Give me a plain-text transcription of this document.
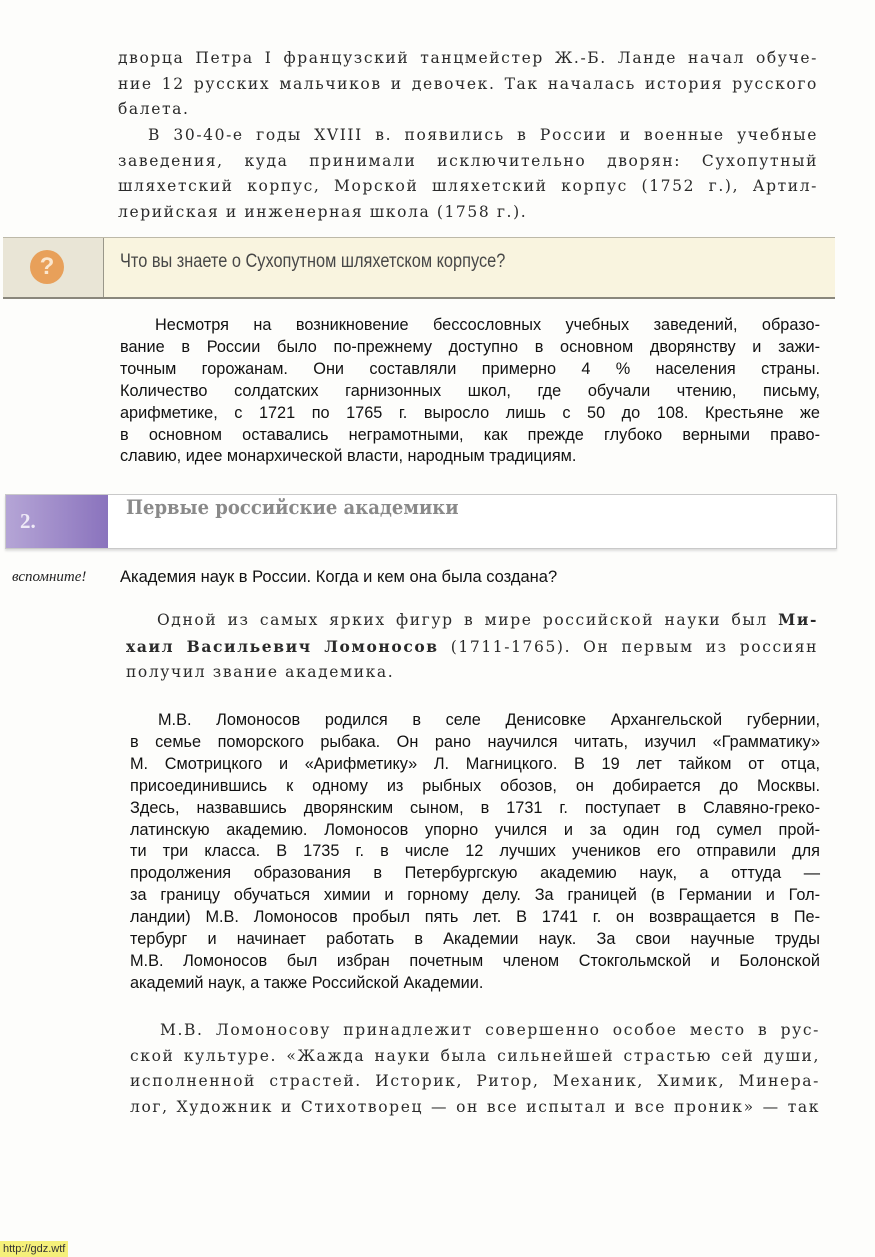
дворца Петра I французский танцмейстер Ж.-Б. Ланде начал обуче-
ние 12 русских мальчиков и девочек. Так началась история русского
балета.
В 30-40-е годы XVIII в. появились в России и военные учебные
заведения, куда принимали исключительно дворян: Сухопутный
шляхетский корпус, Морской шляхетский корпус (1752 г.), Артил-
лерийская и инженерная школа (1758 г.).
?	Что вы знаете о Сухопутном шляхетском корпусе?
Несмотря на возникновение бессословных учебных заведений, образо-
вание в России было по-прежнему доступно в основном дворянству и зажи-
точным горожанам. Они составляли примерно 4 % населения страны.
Количество солдатских гарнизонных школ, где обучали чтению, письму,
арифметике, с 1721 по 1765 г. выросло лишь с 50 до 108. Крестьяне же
в основном оставались неграмотными, как прежде глубоко верными право-
славию, идее монархической власти, народным традициям.
2.
Первые российские академики
вспомните! Академия наук в России. Когда и кем она была создана?
Одной из самых ярких фигур в мире российской науки был Ми-
хаил Васильевич Ломоносов (1711-1765). Он первым из россиян
получил звание академика.
М.В. Ломоносов родился в селе Денисовке Архангельской губернии,
в семье поморского рыбака. Он рано научился читать, изучил «Грамматику»
М. Смотрицкого и «Арифметику» Л. Магницкого. В 19 лет тайком от отца,
присоединившись к одному из рыбных обозов, он добирается до Москвы.
Здесь, назвавшись дворянским сыном, в 1731 г. поступает в Славяно-греко-
латинскую академию. Ломоносов упорно учился и за один год сумел прой-
ти три класса. В 1735 г. в числе 12 лучших учеников его отправили для
продолжения образования в Петербургскую академию наук, а оттуда —
за границу обучаться химии и горному делу. За границей (в Германии и Гол-
ландии) М.В. Ломоносов пробыл пять лет. В 1741 г. он возвращается в Пе-
тербург и начинает работать в Академии наук. За свои научные труды
М.В. Ломоносов был избран почетным членом Стокгольмской и Болонской
академий наук, а также Российской Академии.
М.В. Ломоносову принадлежит совершенно особое место в рус-
ской культуре. «Жажда науки была сильнейшей страстью сей души,
исполненной страстей. Историк, Ритор, Механик, Химик, Минера-
лог, Художник и Стихотворец — он все испытал и все проник» — так
http://gdz.wtf
